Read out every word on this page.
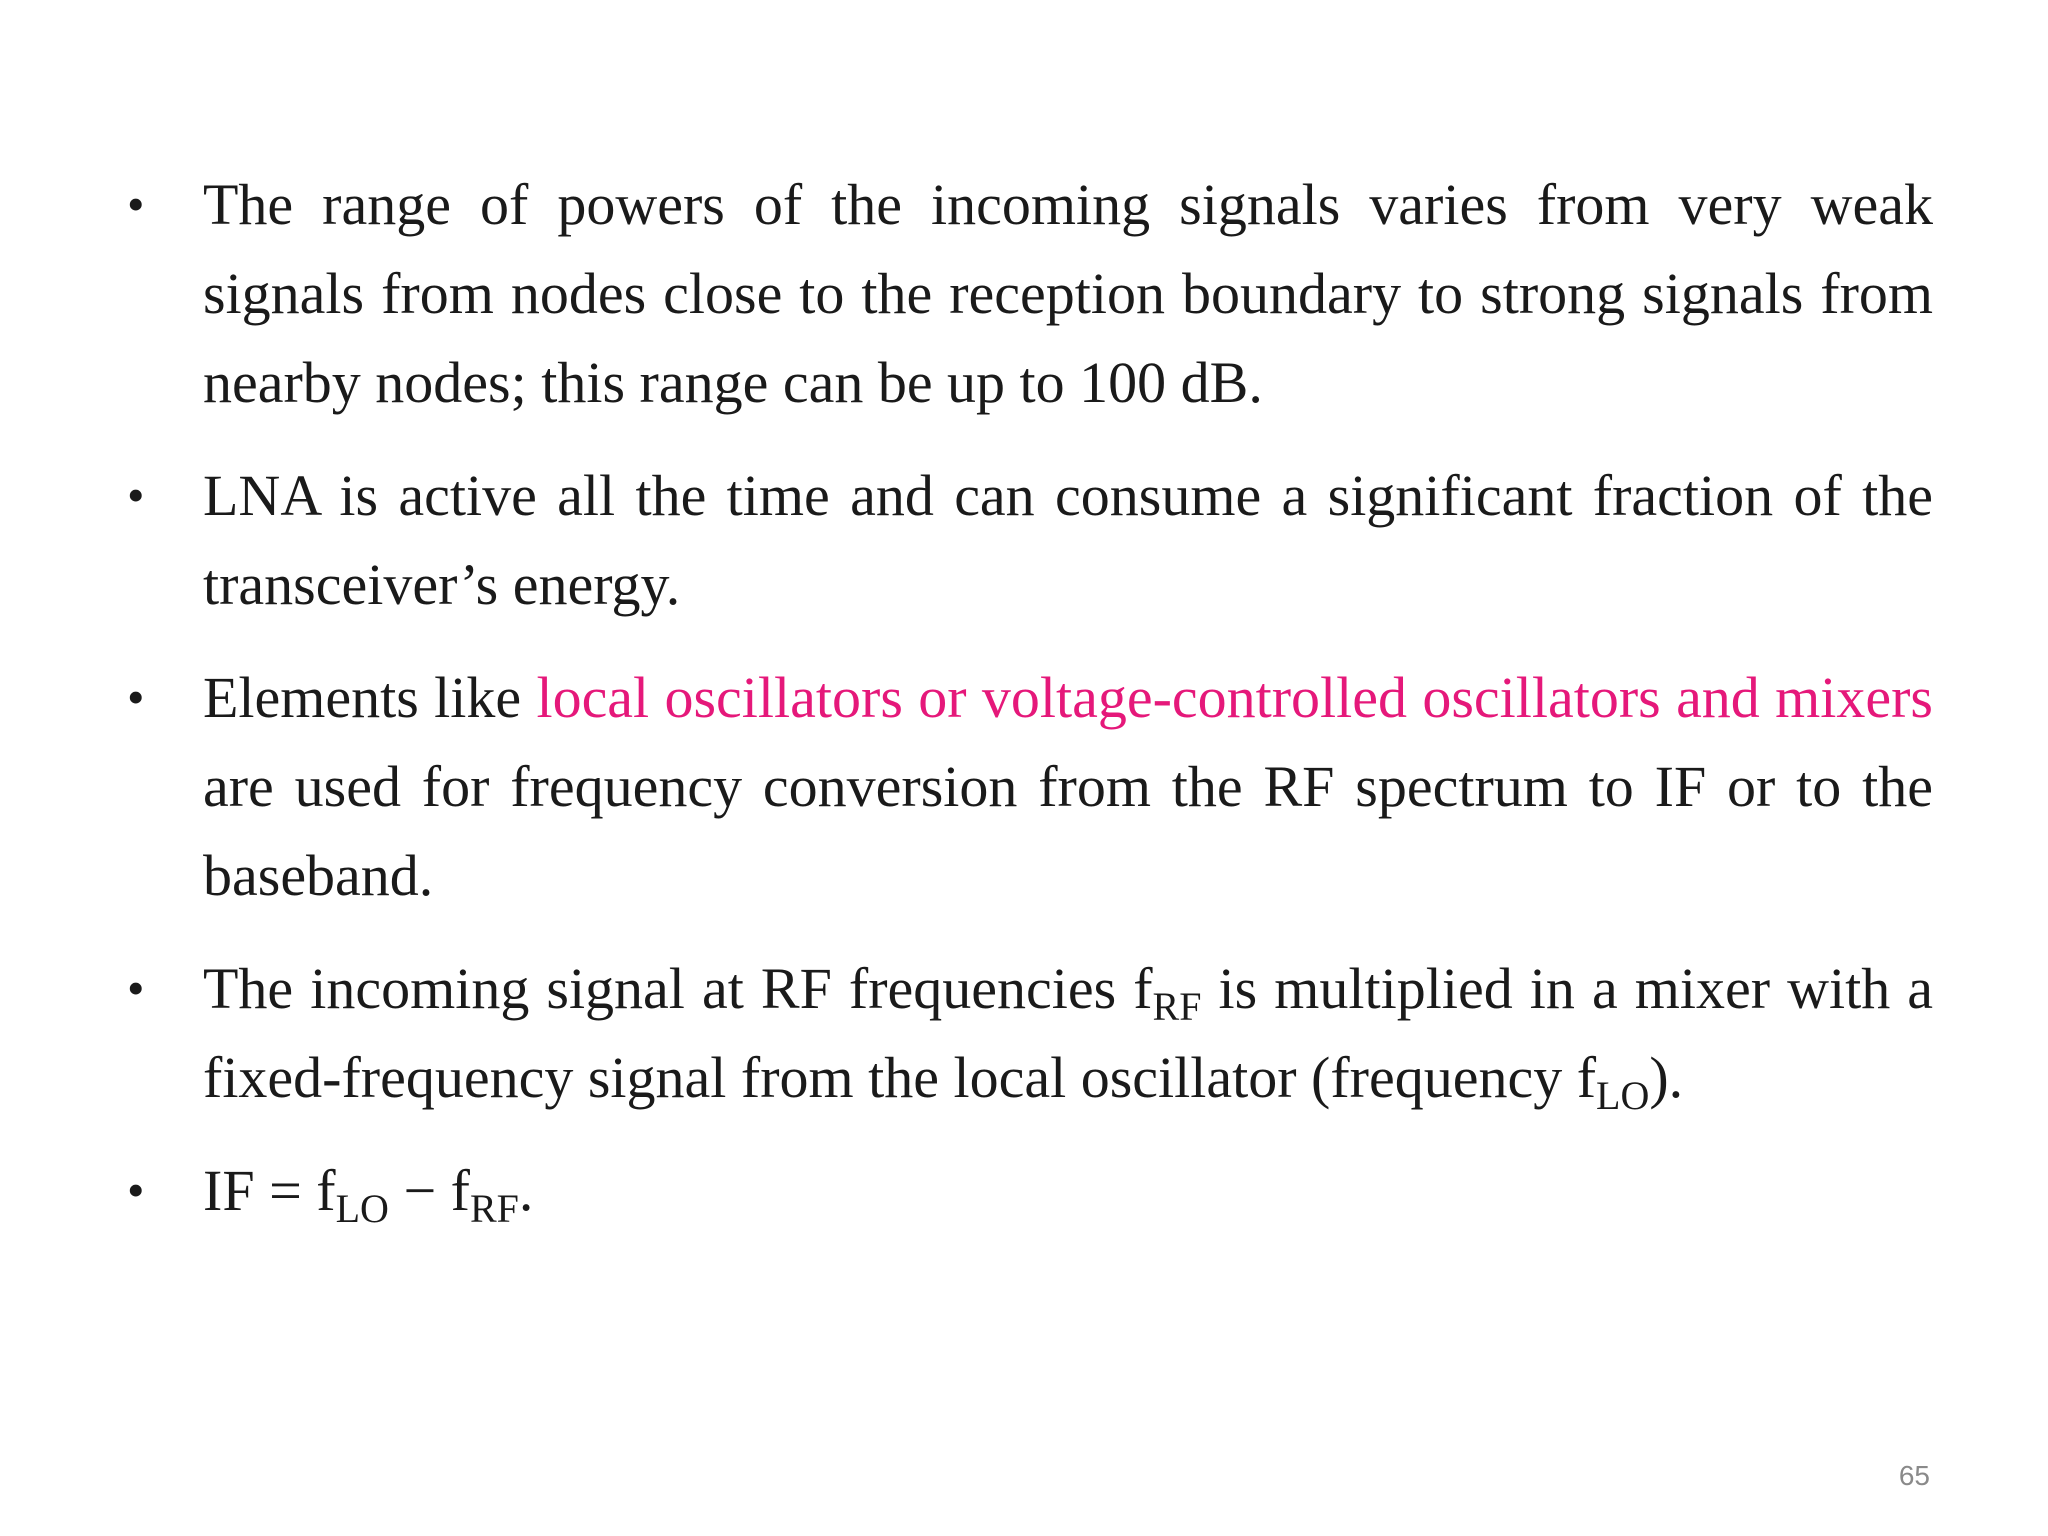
• The range of powers of the incoming signals varies from very weak signals from nodes close to the reception boundary to strong signals from nearby nodes; this range can be up to 100 dB.
• LNA is active all the time and can consume a significant fraction of the transceiver’s energy.
• Elements like local oscillators or voltage-controlled oscillators and mixers are used for frequency conversion from the RF spectrum to IF or to the baseband.
• The incoming signal at RF frequencies $f_{RF}$ is multiplied in a mixer with a fixed-frequency signal from the local oscillator (frequency $f_{LO}$).
• IF = $f_{LO} - f_{RF}$.
65
